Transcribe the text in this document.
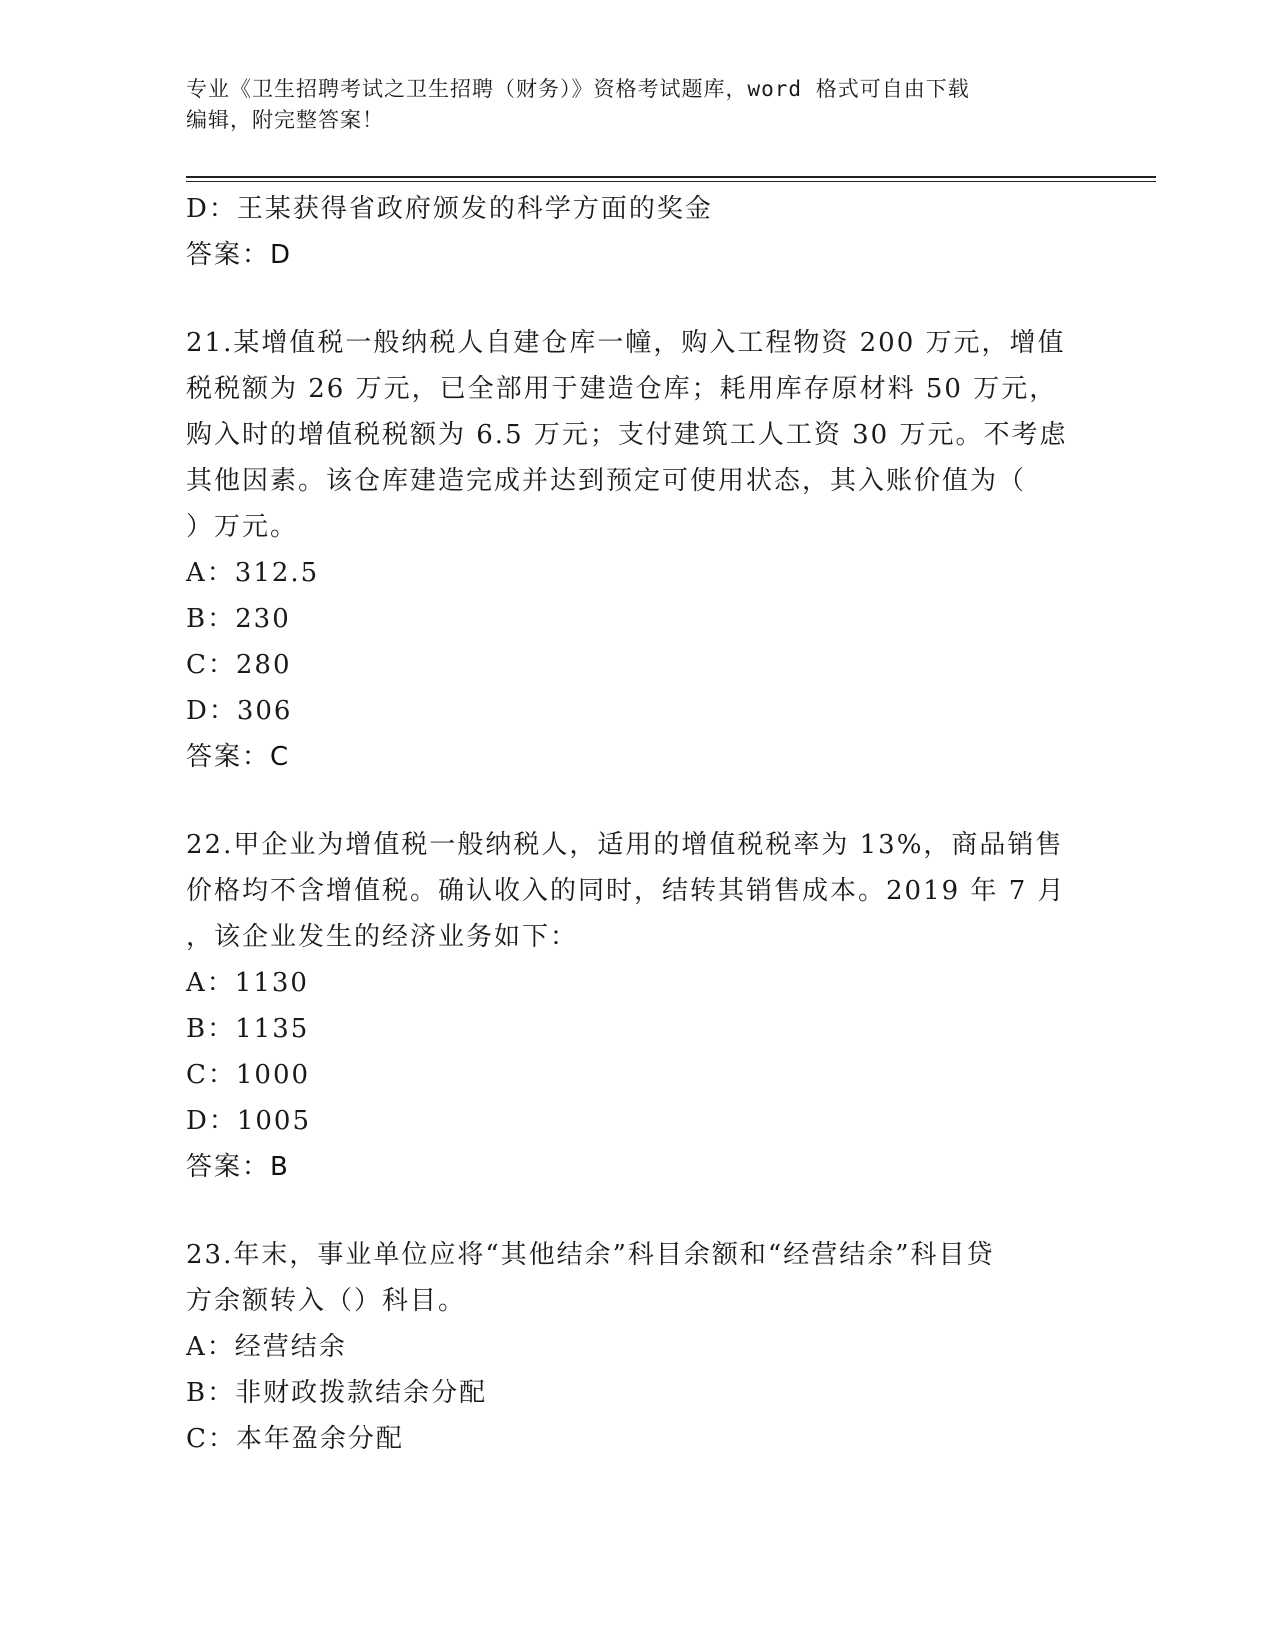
专业《卫生招聘考试之卫生招聘（财务）》资格考试题库，word 格式可自由下载
编辑，附完整答案！
D：王某获得省政府颁发的科学方面的奖金
答案：D
21.某增值税一般纳税人自建仓库一幢，购入工程物资 200 万元，增值
税税额为 26 万元，已全部用于建造仓库；耗用库存原材料 50 万元，
购入时的增值税税额为 6.5 万元；支付建筑工人工资 30 万元。不考虑
其他因素。该仓库建造完成并达到预定可使用状态，其入账价值为（
）万元。
A：312.5
B：230
C：280
D：306
答案：C
22.甲企业为增值税一般纳税人，适用的增值税税率为 13%，商品销售
价格均不含增值税。确认收入的同时，结转其销售成本。2019 年 7 月
，该企业发生的经济业务如下：
A：1130
B：1135
C：1000
D：1005
答案：B
23.年末，事业单位应将“其他结余”科目余额和“经营结余”科目贷
方余额转入（）科目。
A：经营结余
B：非财政拨款结余分配
C：本年盈余分配
